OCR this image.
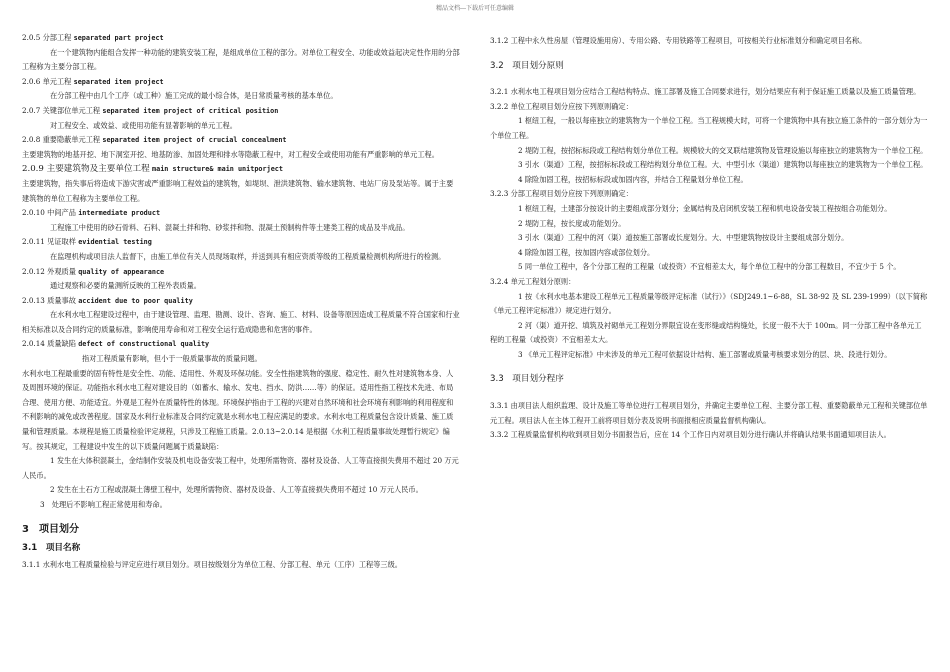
精品文档---下载后可任意编辑

2.0.5 分部工程 separated part project

在一个建筑物内能组合发挥一种功能的建筑安装工程，是组成单位工程的部分。对单位工程安全、功能或效益起决定性作用的分部工程称为主要分部工程。

2.0.6 单元工程 separated item project

在分部工程中由几个工序（或工种）施工完成的最小综合体，是日常质量考核的基本单位。

2.0.7 关键部位单元工程 separated item project of critical position

对工程安全、或效益、或使用功能有显著影响的单元工程。

2.0.8 重要隐蔽单元工程 separated item project of crucial concealment

主要建筑物的地基开挖、地下洞室开挖、地基防渗、加固处理和排水等隐蔽工程中，对工程安全或使用功能有严重影响的单元工程。

2.0.9 主要建筑物及主要单位工程 main structure& main unitporject

主要建筑物，指失事后将造成下游灾害或严重影响工程效益的建筑物，如堤坝、泄洪建筑物、输水建筑物、电站厂房及泵站等。属于主要建筑物的单位工程称为主要单位工程。

2.0.10 中间产品 intermediate product

工程施工中使用的砂石骨料、石料、混凝土拌和物、砂浆拌和物、混凝土预制构件等土建类工程的成品及半成品。

2.0.11 见证取样 evidential testing

在监理机构或项目法人监督下，由施工单位有关人员现场取样，并送到具有相应资质等级的工程质量检测机构所进行的检测。

2.0.12 外观质量 quality of appearance

通过观察和必要的量测所反映的工程外表质量。

2.0.13 质量事故 accident due to poor quality

在水利水电工程建设过程中，由于建设管理、监理、勘测、设计、咨询、施工、材料、设备等原因造成工程质量不符合国家和行业相关标准以及合同约定的质量标准，影响使用寿命和对工程安全运行造成隐患和危害的事件。

2.0.14 质量缺陷 defect of constructional quality

指对工程质量有影响，但小于一般质量事故的质量问题。

水利水电工程最重要的固有特性是安全性、功能、适用性、外观及环保功能。安全性指建筑物的强度、稳定性、耐久性对建筑物本身、人及周围环境的保证。功能指水利水电工程对建设目的（如蓄水、输水、发电、挡水、防洪……等）的保证。适用性指工程技术先进、布局合理、使用方便、功能适宜。外观是工程外在质量特性的体现。环境保护指由于工程的兴建对自然环境和社会环境有利影响的利用程度和不利影响的减免或改善程度。国家及水利行业标准及合同约定就是水利水电工程应满足的要求。水利水电工程质量包含设计质量、施工质量和管理质量。本规程是施工质量检验评定规程，只涉及工程施工质量。2.0.13~2.0.14 是根据《水利工程质量事故处理暂行规定》编写。按其规定，工程建设中发生的以下质量问题属于质量缺陷：

1 发生在大体积混凝土，金结制作安装及机电设备安装工程中，处理所需物资、器材及设备、人工等直接损失费用不超过 20 万元人民币。

2 发生在土石方工程或混凝土薄壁工程中，处理所需物资、器材及设备、人工等直接损失费用不超过 10 万元人民币。

3　处理后不影响工程正常使用和寿命。

3　项目划分

3.1　项目名称

3.1.1 水利水电工程质量检验与评定应进行项目划分。项目按级划分为单位工程、分部工程、单元（工序）工程等三级。

3.1.2 工程中永久性房屋（管理设施用房）、专用公路、专用铁路等工程项目，可按相关行业标准划分和确定项目名称。

3.2　项目划分原则

3.2.1 水利水电工程项目划分应结合工程结构特点、施工部署及施工合同要求进行，划分结果应有利于保证施工质量以及施工质量管理。

3.2.2 单位工程项目划分应按下列原则确定：

1 枢纽工程，一般以每座独立的建筑物为一个单位工程。当工程规模大时，可将一个建筑物中具有独立施工条件的一部分划分为一个单位工程。

2 堤防工程，按招标标段或工程结构划分单位工程。规模较大的交叉联结建筑物及管理设施以每座独立的建筑物为一个单位工程。

3 引水（渠道）工程，按招标标段或工程结构划分单位工程。大、中型引水（渠道）建筑物以每座独立的建筑物为一个单位工程。

4 除险加固工程，按招标标段或加固内容，并结合工程量划分单位工程。

3.2.3 分部工程项目划分应按下列原则确定：

1 枢纽工程，土建部分按设计的主要组成部分划分；金属结构及启闭机安装工程和机电设备安装工程按组合功能划分。

2 堤防工程，按长度或功能划分。

3 引水（渠道）工程中的河（渠）道按施工部署或长度划分。大、中型建筑物按设计主要组成部分划分。

4 除险加固工程，按加固内容或部位划分。

5 同一单位工程中，各个分部工程的工程量（或投资）不宜相差太大，每个单位工程中的分部工程数目，不宜少于 5 个。

3.2.4 单元工程划分原则：

1 按《水利水电基本建设工程单元工程质量等级评定标准（试行）》（SDJ249.1~6-88，SL 38-92 及 SL 239-1999）（以下简称《单元工程评定标准》）规定进行划分。

2 河（渠）道开挖、填筑及衬砌单元工程划分界限宜设在变形缝或结构缝处，长度一般不大于 100m。同一分部工程中各单元工程的工程量（或投资）不宜相差太大。

3 《单元工程评定标准》中未涉及的单元工程可依据设计结构、施工部署或质量考核要求划分的层、块、段进行划分。

3.3　项目划分程序

3.3.1 由项目法人组织监理、设计及施工等单位进行工程项目划分，并确定主要单位工程、主要分部工程、重要隐蔽单元工程和关键部位单元工程。项目法人在主体工程开工前将项目划分表及说明书面报相应质量监督机构确认。

3.3.2 工程质量监督机构收到项目划分书面报告后，应在 14 个工作日内对项目划分进行确认并将确认结果书面通知项目法人。
